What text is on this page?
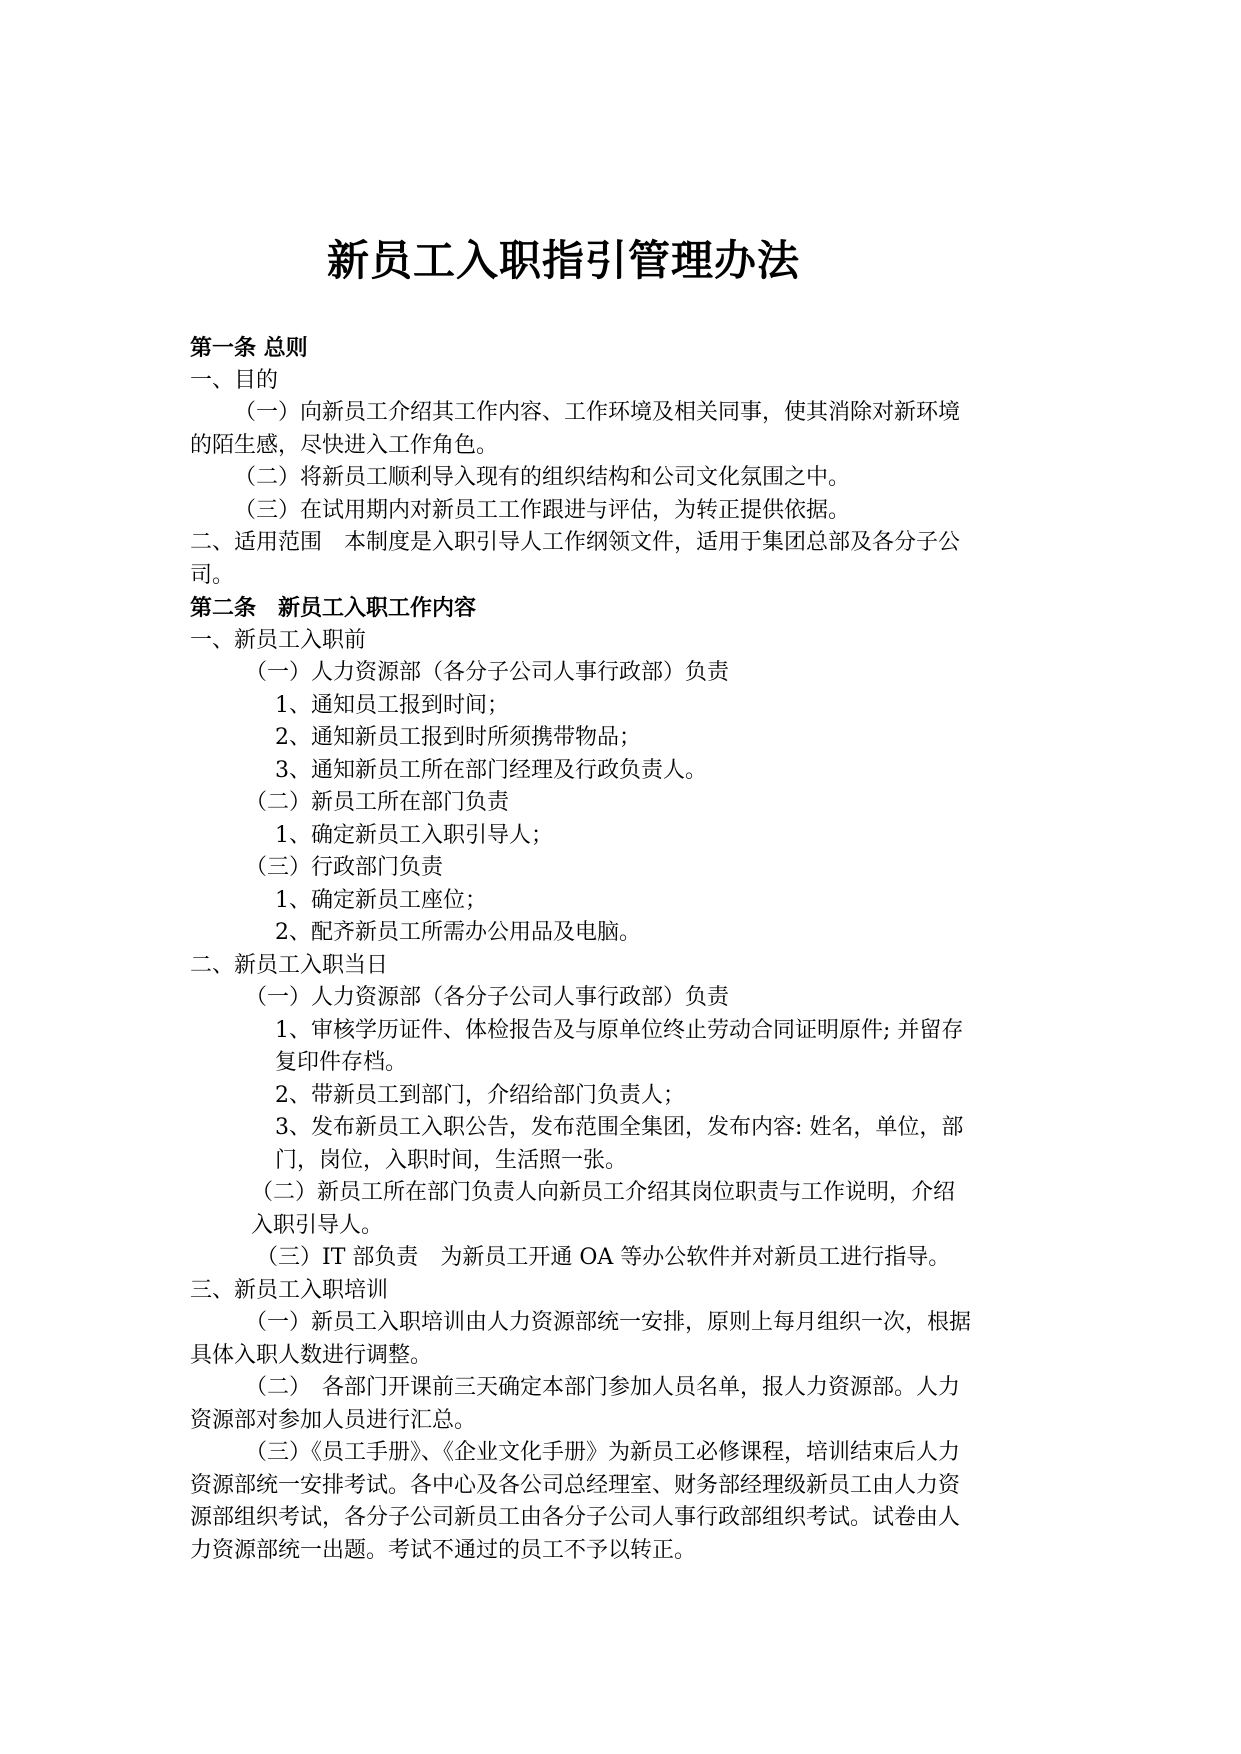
新员工入职指引管理办法
第一条 总则
一、目的
（一）向新员工介绍其工作内容、工作环境及相关同事，使其消除对新环境
的陌生感，尽快进入工作角色。
（二）将新员工顺利导入现有的组织结构和公司文化氛围之中。
（三）在试用期内对新员工工作跟进与评估，为转正提供依据。
二、适用范围　本制度是入职引导人工作纲领文件，适用于集团总部及各分子公
司。
第二条　新员工入职工作内容
一、新员工入职前
（一）人力资源部（各分子公司人事行政部）负责
1、通知员工报到时间；
2、通知新员工报到时所须携带物品；
3、通知新员工所在部门经理及行政负责人。
（二）新员工所在部门负责
1、确定新员工入职引导人；
（三）行政部门负责
1、确定新员工座位；
2、配齐新员工所需办公用品及电脑。
二、新员工入职当日
（一）人力资源部（各分子公司人事行政部）负责
1、审核学历证件、体检报告及与原单位终止劳动合同证明原件; 并留存
复印件存档。
2、带新员工到部门，介绍给部门负责人；
3、发布新员工入职公告，发布范围全集团，发布内容: 姓名，单位，部
门，岗位，入职时间，生活照一张。
（二）新员工所在部门负责人向新员工介绍其岗位职责与工作说明，介绍
入职引导人。
（三）IT 部负责　为新员工开通 OA 等办公软件并对新员工进行指导。
三、新员工入职培训
（一）新员工入职培训由人力资源部统一安排，原则上每月组织一次，根据
具体入职人数进行调整。
（二）　各部门开课前三天确定本部门参加人员名单，报人力资源部。人力
资源部对参加人员进行汇总。
（三）《员工手册》、《企业文化手册》为新员工必修课程，培训结束后人力
资源部统一安排考试。各中心及各公司总经理室、财务部经理级新员工由人力资
源部组织考试，各分子公司新员工由各分子公司人事行政部组织考试。试卷由人
力资源部统一出题。考试不通过的员工不予以转正。
